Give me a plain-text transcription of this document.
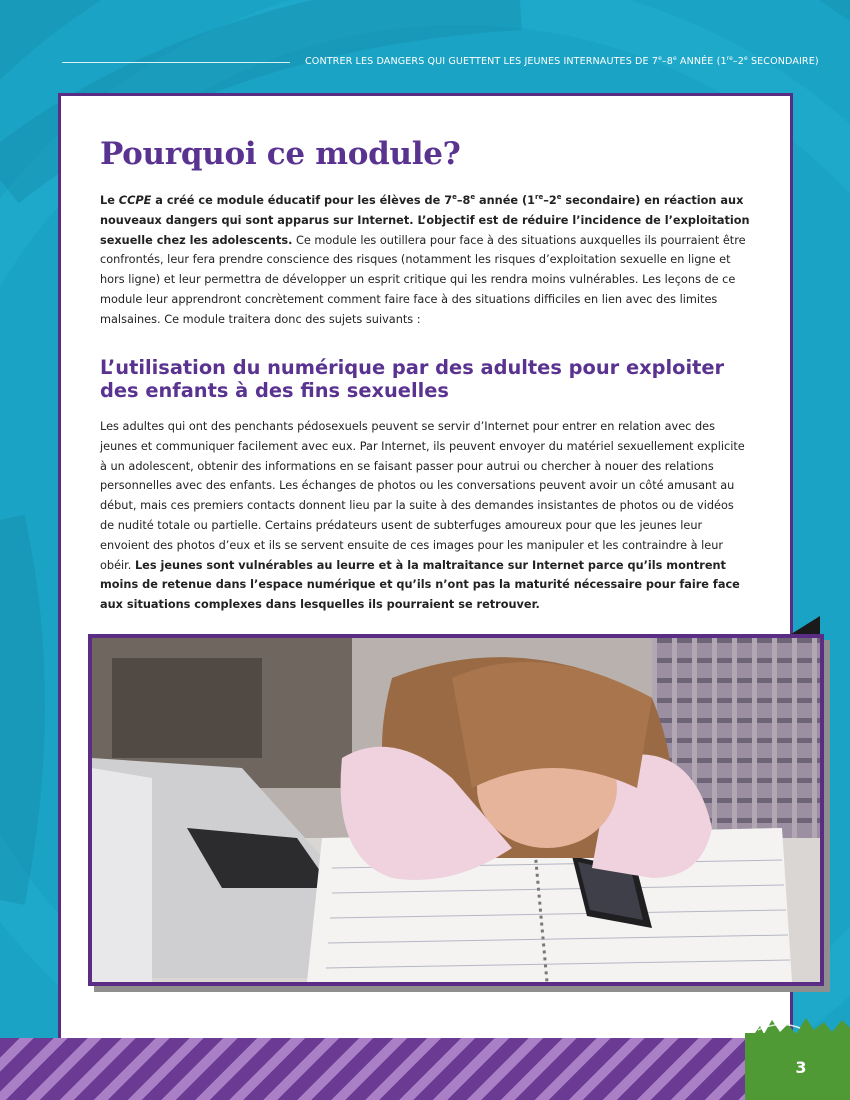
CONTRER LES DANGERS QUI GUETTENT LES JEUNES INTERNAUTES DE 7e–8e ANNÉE (1re–2e SECONDAIRE)
Pourquoi ce module?

Le CCPE a créé ce module éducatif pour les élèves de 7e–8e année (1re–2e secondaire) en réaction aux nouveaux dangers qui sont apparus sur Internet. L’objectif est de réduire l’incidence de l’exploitation sexuelle chez les adolescents. Ce module les outillera pour face à des situations auxquelles ils pourraient être confrontés, leur fera prendre conscience des risques (notamment les risques d’exploitation sexuelle en ligne et hors ligne) et leur permettra de développer un esprit critique qui les rendra moins vulnérables. Les leçons de ce module leur apprendront concrètement comment faire face à des situations difficiles en lien avec des limites malsaines. Ce module traitera donc des sujets suivants :

L’utilisation du numérique par des adultes pour exploiter des enfants à des fins sexuelles

Les adultes qui ont des penchants pédosexuels peuvent se servir d’Internet pour entrer en relation avec des jeunes et communiquer facilement avec eux. Par Internet, ils peuvent envoyer du matériel sexuellement explicite à un adolescent, obtenir des informations en se faisant passer pour autrui ou chercher à nouer des relations personnelles avec des enfants. Les échanges de photos ou les conversations peuvent avoir un côté amusant au début, mais ces premiers contacts donnent lieu par la suite à des demandes insistantes de photos ou de vidéos de nudité totale ou partielle. Certains prédateurs usent de subterfuges amoureux pour que les jeunes leur envoient des photos d’eux et ils se servent ensuite de ces images pour les manipuler et les contraindre à leur obéir. Les jeunes sont vulnérables au leurre et à la maltraitance sur Internet parce qu’ils montrent moins de retenue dans l’espace numérique et qu’ils n’ont pas la maturité nécessaire pour faire face aux situations complexes dans lesquelles ils pourraient se retrouver.

3
